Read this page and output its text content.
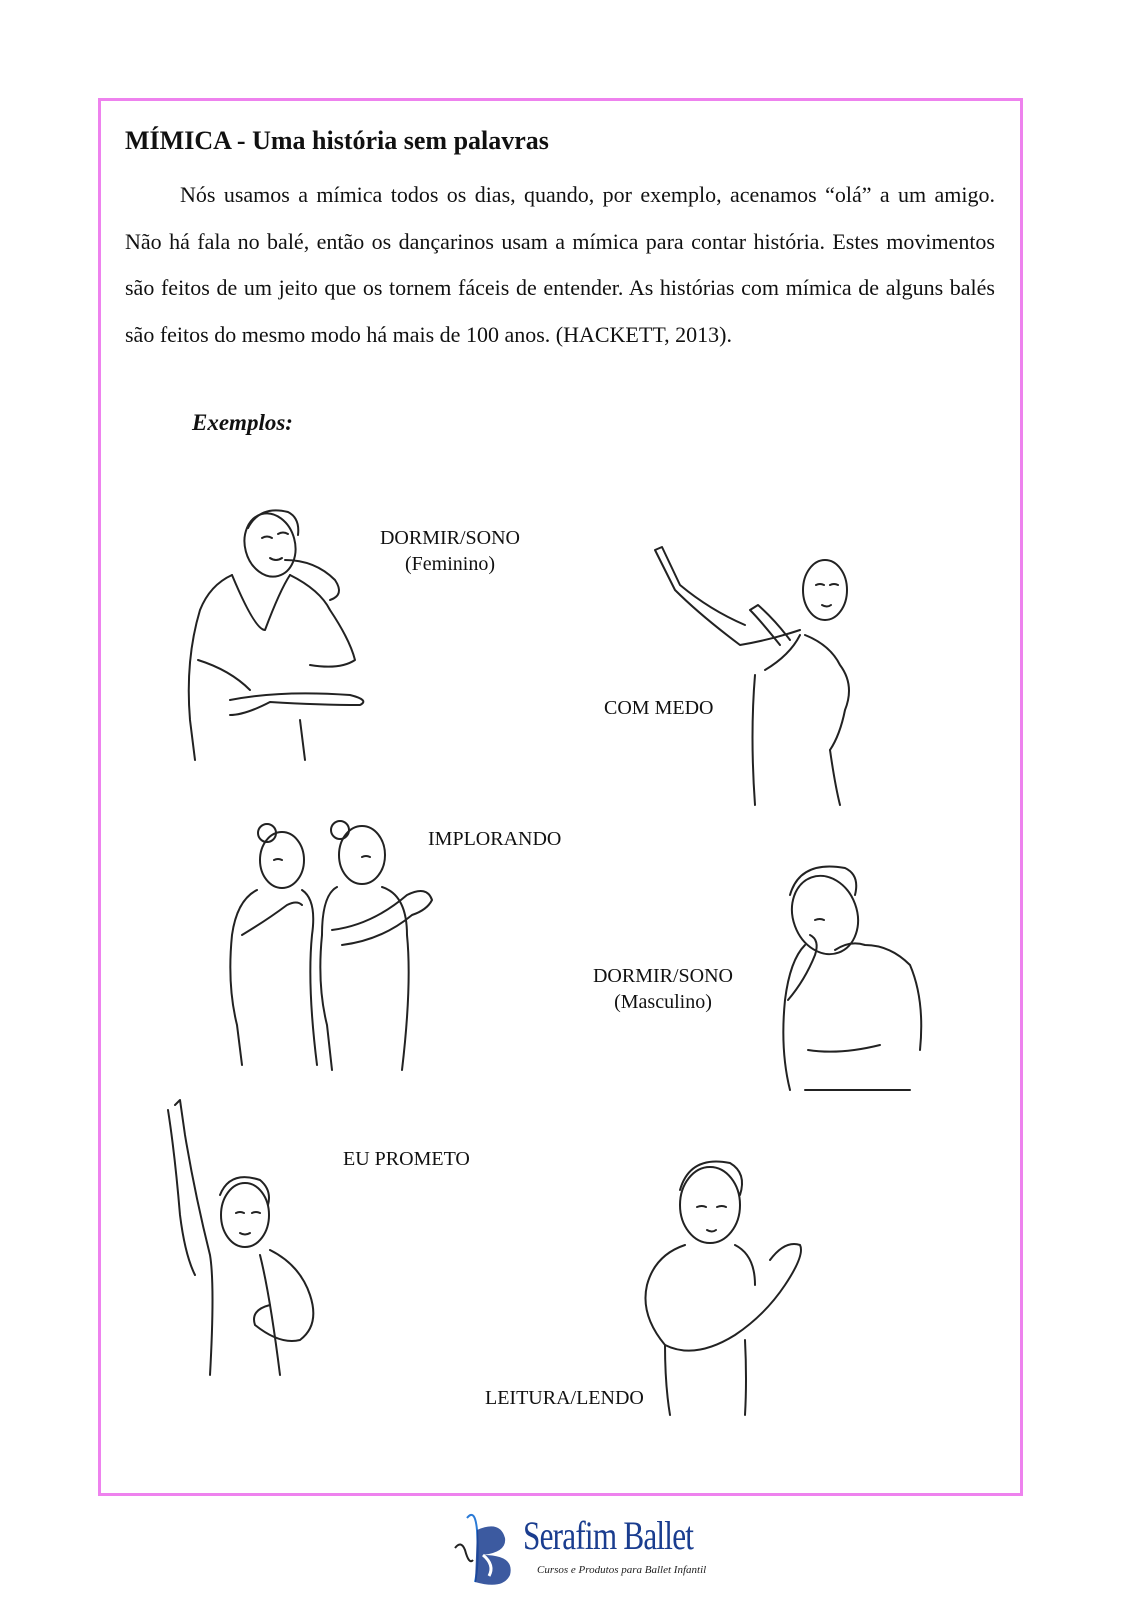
MÍMICA - Uma história sem palavras

Nós usamos a mímica todos os dias, quando, por exemplo, acenamos “olá” a um amigo. Não há fala no balé, então os dançarinos usam a mímica para contar história. Estes movimentos são feitos de um jeito que os tornem fáceis de entender. As histórias com mímica de alguns balés são feitos do mesmo modo há mais de 100 anos. (HACKETT, 2013).

Exemplos:
DORMIR/SONO
(Feminino)
COM MEDO
IMPLORANDO
DORMIR/SONO
(Masculino)
EU PROMETO
LEITURA/LENDO
Serafim Ballet
Cursos e Produtos para Ballet Infantil
